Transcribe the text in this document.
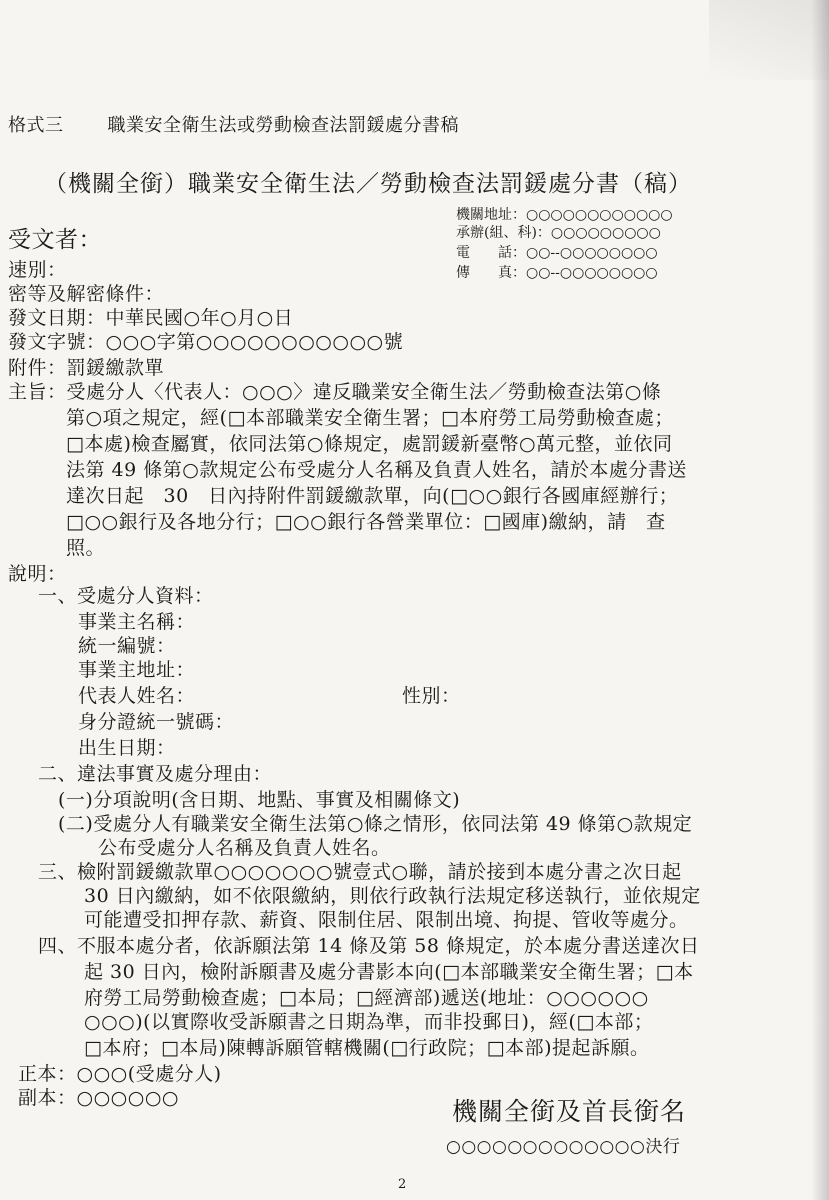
格式三 職業安全衛生法或勞動檢查法罰鍰處分書稿
（機關全銜）職業安全衛生法／勞動檢查法罰鍰處分書（稿）
機關地址：○○○○○○○○○○○○
承辦(組、科)：○○○○○○○○○
電　　話：○○--○○○○○○○○
傳　　真：○○--○○○○○○○○
受文者：
速別：
密等及解密條件：
發文日期：中華民國○年○月○日
發文字號：○○○字第○○○○○○○○○○○號
附件：罰鍰繳款單
主旨：受處分人〈代表人：○○○〉違反職業安全衛生法／勞動檢查法第○條
第○項之規定，經(□本部職業安全衛生署；□本府勞工局勞動檢查處；
□本處)檢查屬實，依同法第○條規定，處罰鍰新臺幣○萬元整，並依同
法第 49 條第○款規定公布受處分人名稱及負責人姓名，請於本處分書送
達次日起　30　日內持附件罰鍰繳款單，向(□○○銀行各國庫經辦行；
□○○銀行及各地分行；□○○銀行各營業單位：□國庫)繳納，請　查
照。
說明：
一、受處分人資料：
事業主名稱：
統一編號：
事業主地址：
代表人姓名：	性別：
身分證統一號碼：
出生日期：
二、違法事實及處分理由：
(一)分項說明(含日期、地點、事實及相關條文)
(二)受處分人有職業安全衛生法第○條之情形，依同法第 49 條第○款規定
公布受處分人名稱及負責人姓名。
三、檢附罰鍰繳款單○○○○○○○號壹式○聯，請於接到本處分書之次日起
30 日內繳納，如不依限繳納，則依行政執行法規定移送執行，並依規定
可能遭受扣押存款、薪資、限制住居、限制出境、拘提、管收等處分。
四、不服本處分者，依訴願法第 14 條及第 58 條規定，於本處分書送達次日
起 30 日內，檢附訴願書及處分書影本向(□本部職業安全衛生署；□本
府勞工局勞動檢查處；□本局；□經濟部)遞送(地址：○○○○○○
○○○)(以實際收受訴願書之日期為準，而非投郵日)，經(□本部；
□本府；□本局)陳轉訴願管轄機關(□行政院；□本部)提起訴願。
正本：○○○(受處分人)
副本：○○○○○○	機關全銜及首長銜名
○○○○○○○○○○○○○決行
2
